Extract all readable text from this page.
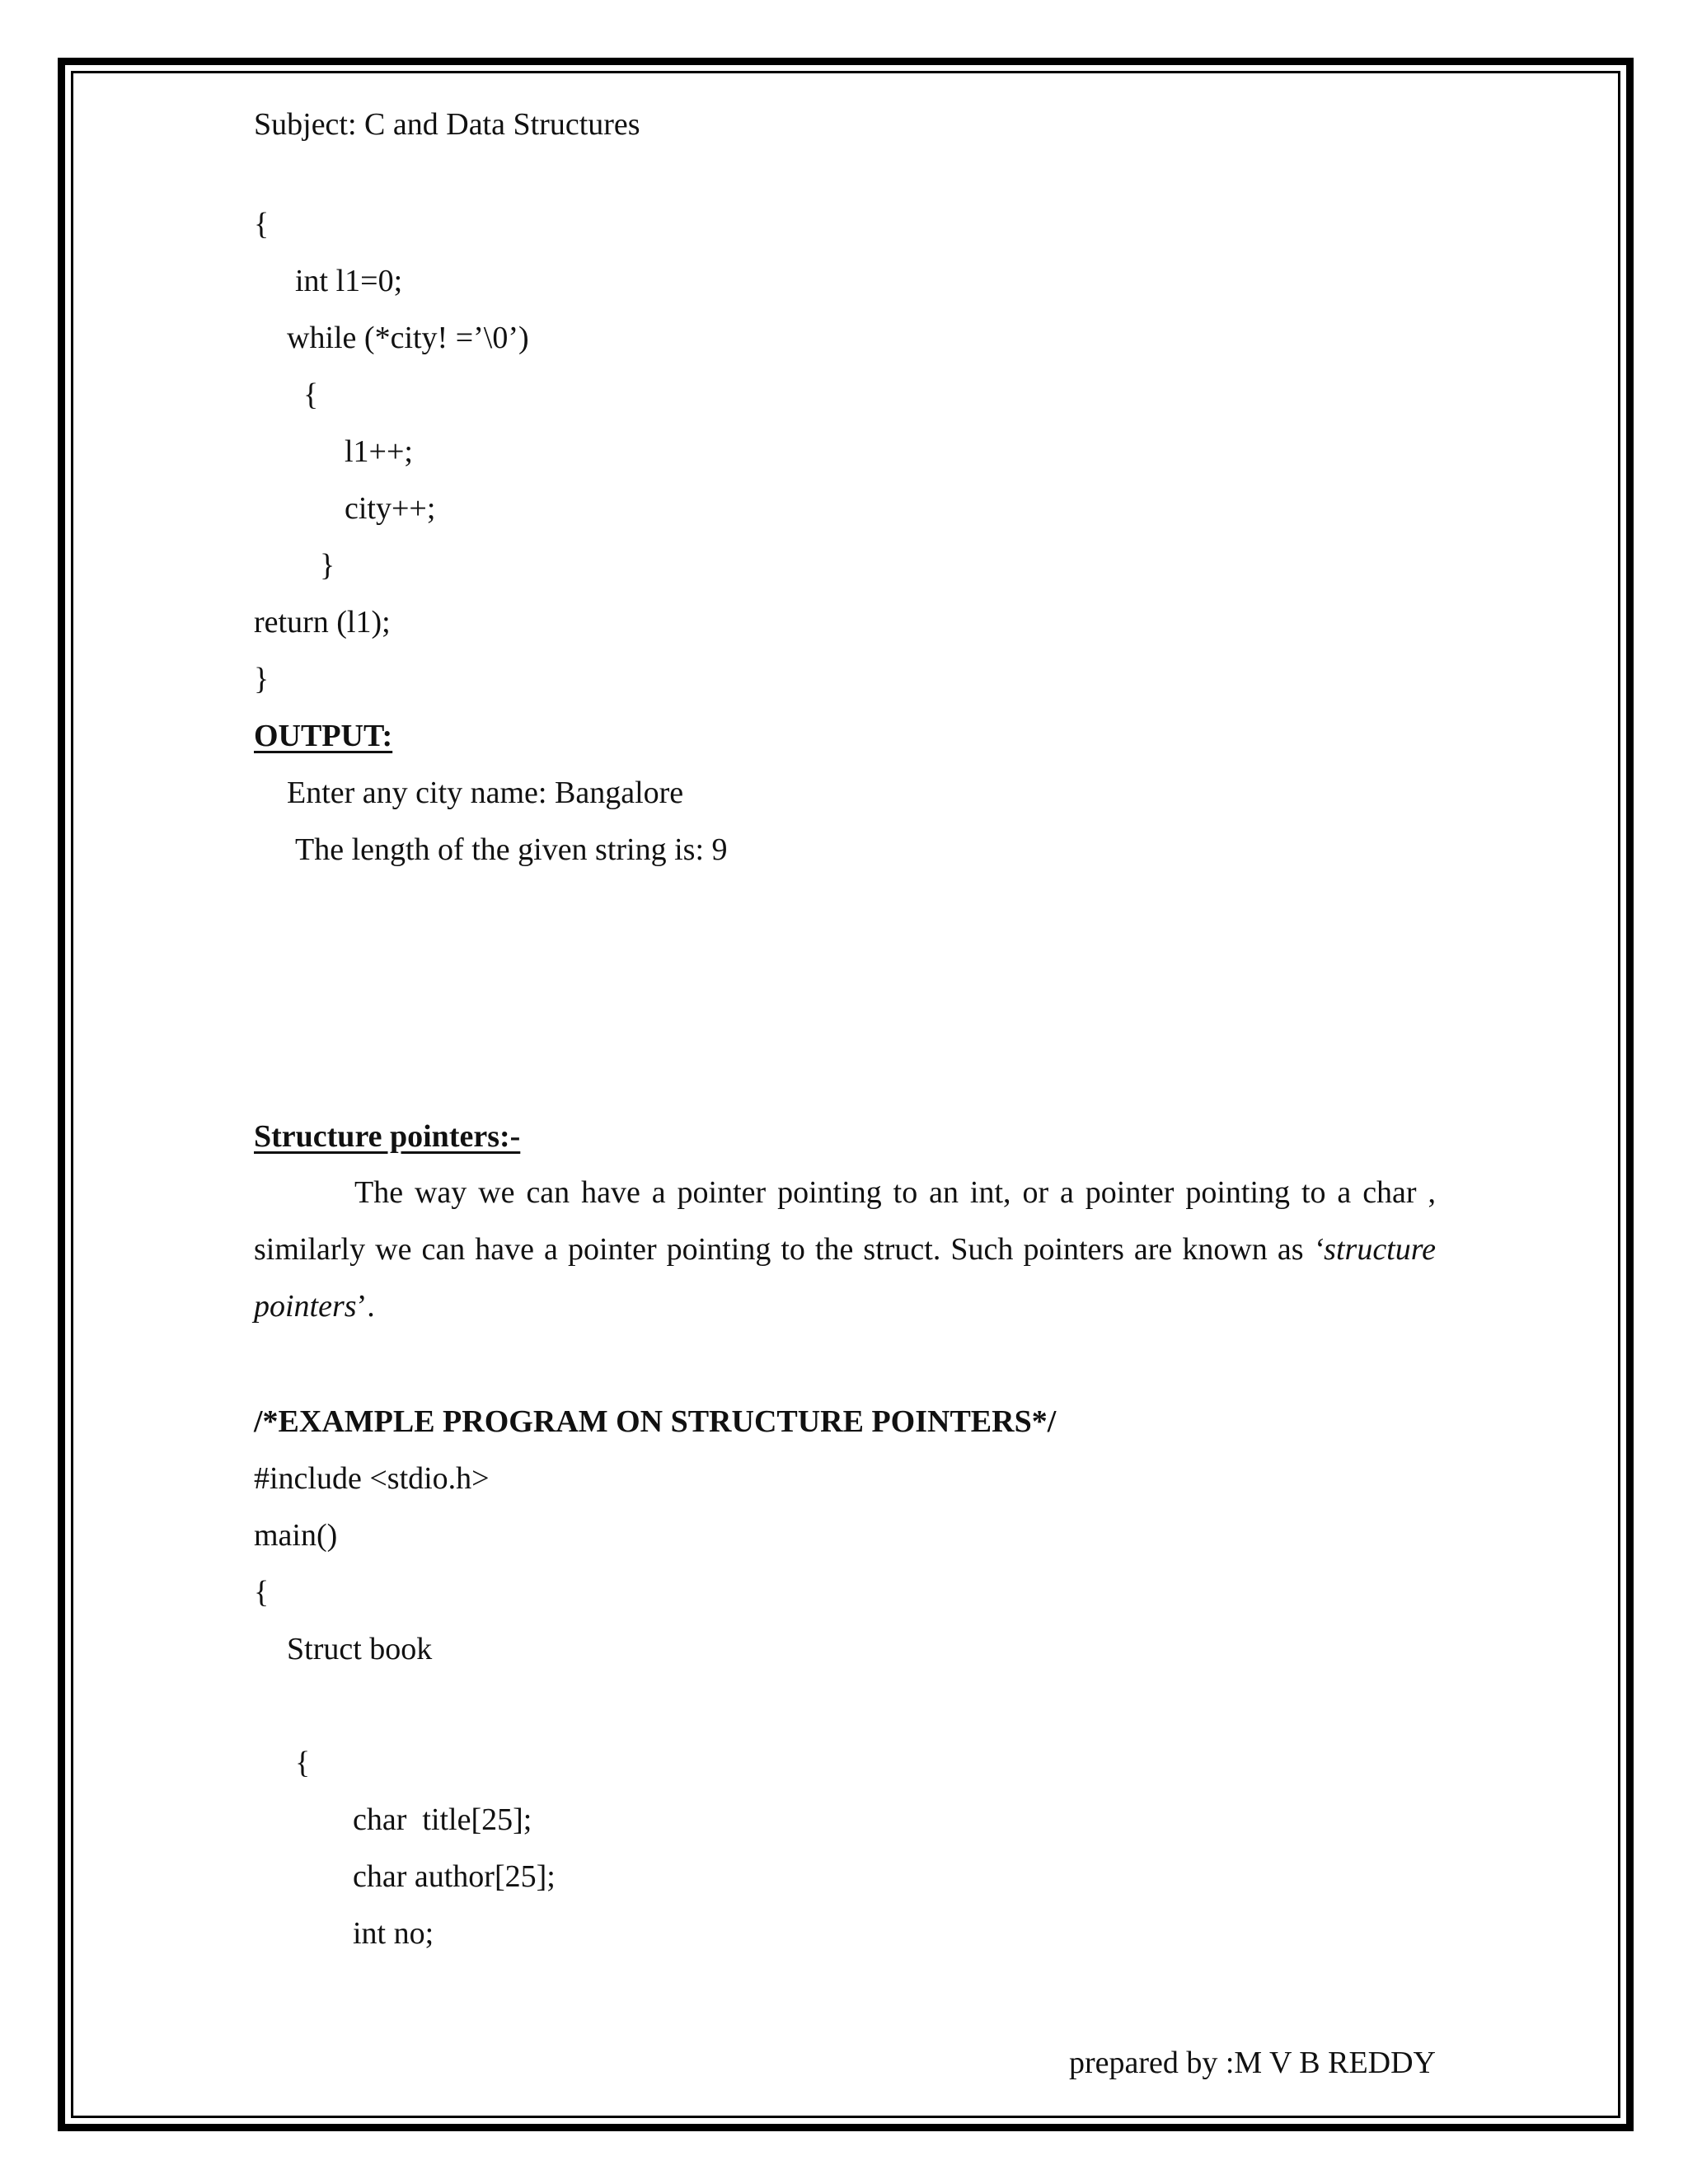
Subject: C and Data Structures
{
int l1=0;
while (*city! =’\0’)
{
l1++;
city++;
}
return (l1);
}
OUTPUT:
Enter any city name: Bangalore
The length of the given string is: 9
Structure pointers:-
The way we can have a pointer pointing to an int, or a pointer pointing to a char , similarly we can have a pointer pointing to the struct. Such pointers are known as ‘structure pointers’.
/*EXAMPLE PROGRAM ON STRUCTURE POINTERS*/
#include <stdio.h>
main()
{
Struct book
{
char  title[25];
char author[25];
int no;
prepared by :M V B REDDY
